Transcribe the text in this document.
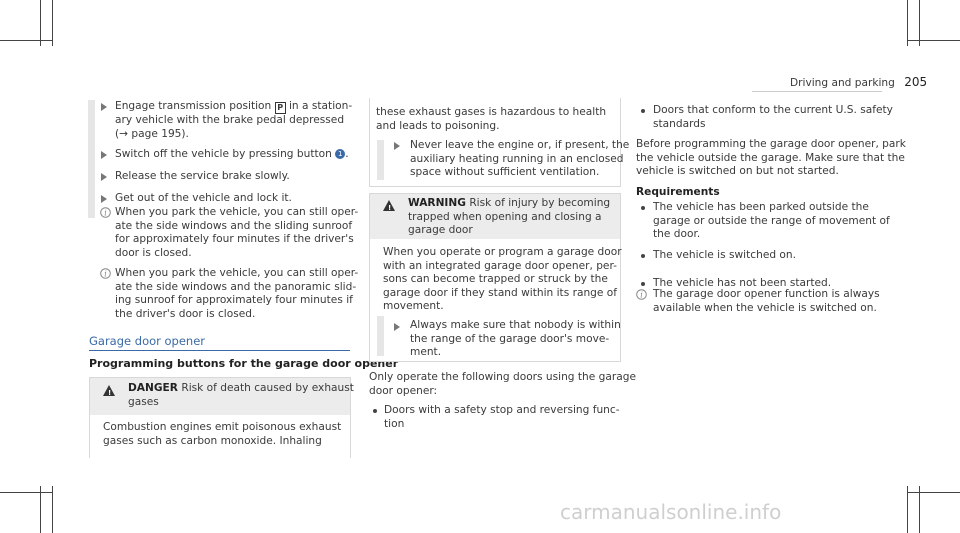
Driving and parking 205
Engage transmission position P in a station-
ary vehicle with the brake pedal depressed
(→ page 195).
Switch off the vehicle by pressing button 1 .
Release the service brake slowly.
Get out of the vehicle and lock it.
i When you park the vehicle, you can still oper-
ate the side windows and the sliding sunroof
for approximately four minutes if the driver's
door is closed.
i When you park the vehicle, you can still oper-
ate the side windows and the panoramic slid-
ing sunroof for approximately four minutes if
the driver's door is closed.
Garage door opener
Programming buttons for the garage door opener
! DANGER Risk of death caused by exhaust
gases
Combustion engines emit poisonous exhaust
gases such as carbon monoxide. Inhaling
these exhaust gases is hazardous to health
and leads to poisoning.
Never leave the engine or, if present, the
auxiliary heating running in an enclosed
space without sufficient ventilation.
! WARNING Risk of injury by becoming
trapped when opening and closing a
garage door
When you operate or program a garage door
with an integrated garage door opener, per-
sons can become trapped or struck by the
garage door if they stand within its range of
movement.
Always make sure that nobody is within
the range of the garage door's move-
ment.
Only operate the following doors using the garage
door opener:
Doors with a safety stop and reversing func-
tion
Doors that conform to the current U.S. safety
standards
Before programming the garage door opener, park
the vehicle outside the garage. Make sure that the
vehicle is switched on but not started.
Requirements
The vehicle has been parked outside the
garage or outside the range of movement of
the door.
The vehicle is switched on.
The vehicle has not been started.
i The garage door opener function is always
available when the vehicle is switched on.
carmanualsonline.info
